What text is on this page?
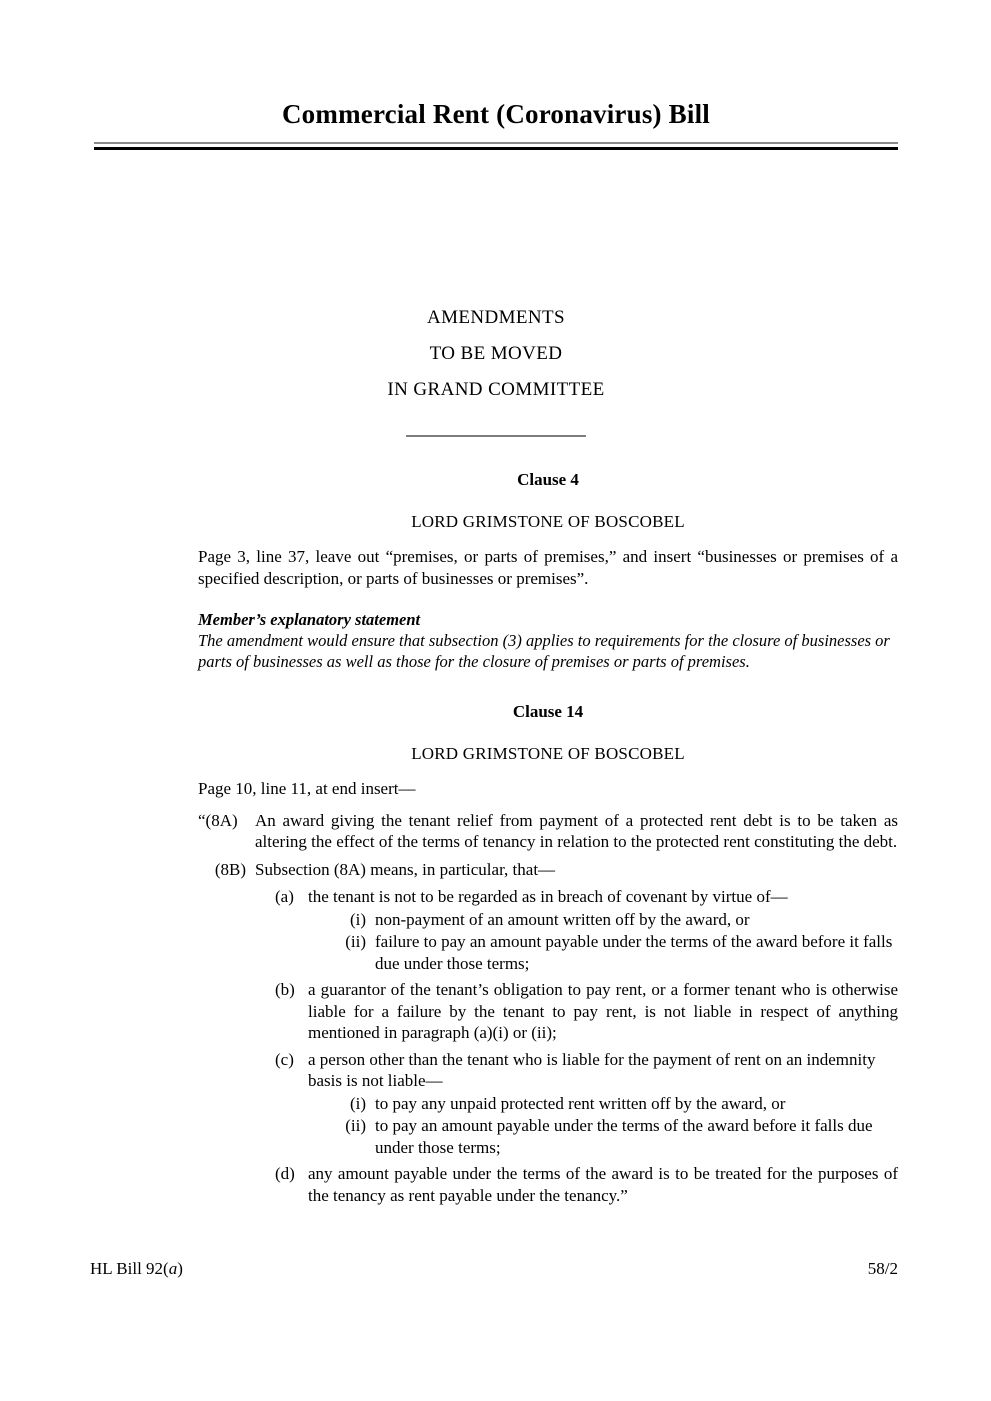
Commercial Rent (Coronavirus) Bill
AMENDMENTS
TO BE MOVED
IN GRAND COMMITTEE
Clause 4
LORD GRIMSTONE OF BOSCOBEL
Page 3, line 37, leave out “premises, or parts of premises,” and insert “businesses or premises of a specified description, or parts of businesses or premises”.
Member’s explanatory statement
The amendment would ensure that subsection (3) applies to requirements for the closure of businesses or parts of businesses as well as those for the closure of premises or parts of premises.
Clause 14
LORD GRIMSTONE OF BOSCOBEL
Page 10, line 11, at end insert—
“(8A)	An award giving the tenant relief from payment of a protected rent debt is to be taken as altering the effect of the terms of tenancy in relation to the protected rent constituting the debt.
(8B) Subsection (8A) means, in particular, that—
(a) the tenant is not to be regarded as in breach of covenant by virtue of—
(i) non-payment of an amount written off by the award, or
(ii) failure to pay an amount payable under the terms of the award before it falls due under those terms;
(b) a guarantor of the tenant’s obligation to pay rent, or a former tenant who is otherwise liable for a failure by the tenant to pay rent, is not liable in respect of anything mentioned in paragraph (a)(i) or (ii);
(c) a person other than the tenant who is liable for the payment of rent on an indemnity basis is not liable—
(i) to pay any unpaid protected rent written off by the award, or
(ii) to pay an amount payable under the terms of the award before it falls due under those terms;
(d) any amount payable under the terms of the award is to be treated for the purposes of the tenancy as rent payable under the tenancy.”
HL Bill 92(a)	58/2
